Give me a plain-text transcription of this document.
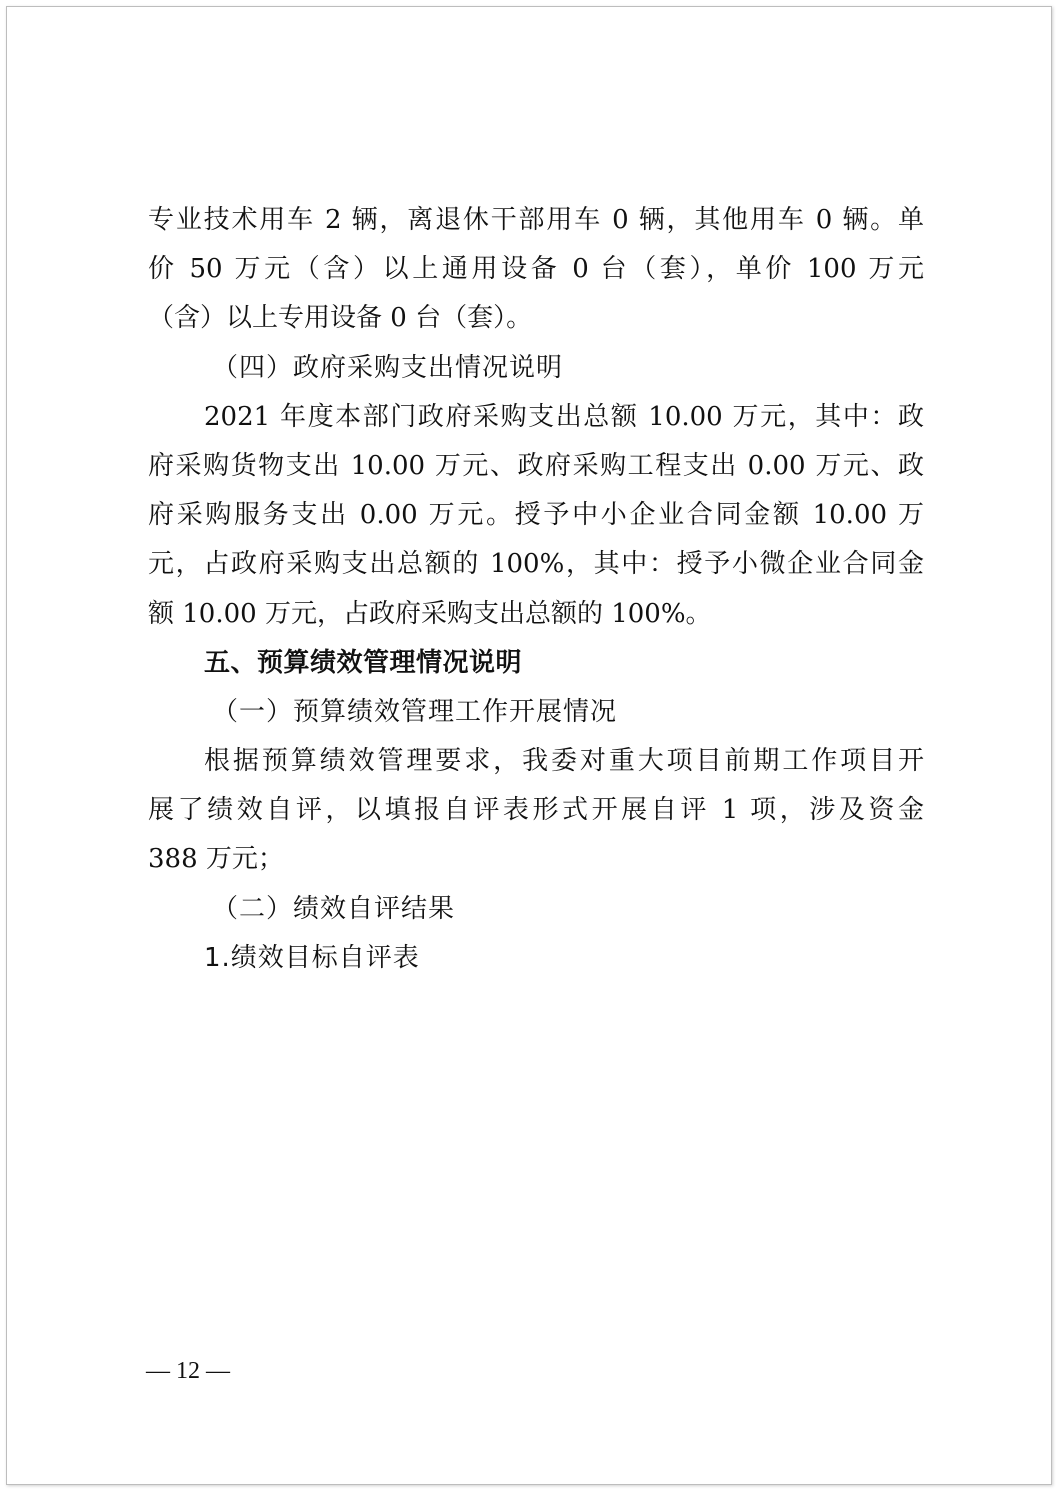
专业技术用车 2 辆，离退休干部用车 0 辆，其他用车 0 辆。单
价 50 万元（含）以上通用设备 0 台（套），单价 100 万元
（含）以上专用设备 0 台（套）。
（四）政府采购支出情况说明
2021 年度本部门政府采购支出总额 10.00 万元，其中：政
府采购货物支出 10.00 万元、政府采购工程支出 0.00 万元、政
府采购服务支出 0.00 万元。授予中小企业合同金额 10.00 万
元，占政府采购支出总额的 100%，其中：授予小微企业合同金
额 10.00 万元，占政府采购支出总额的 100%。
五、预算绩效管理情况说明
（一）预算绩效管理工作开展情况
根据预算绩效管理要求，我委对重大项目前期工作项目开
展了绩效自评，以填报自评表形式开展自评 1 项，涉及资金
388 万元；
（二）绩效自评结果
1.绩效目标自评表
— 12 —
